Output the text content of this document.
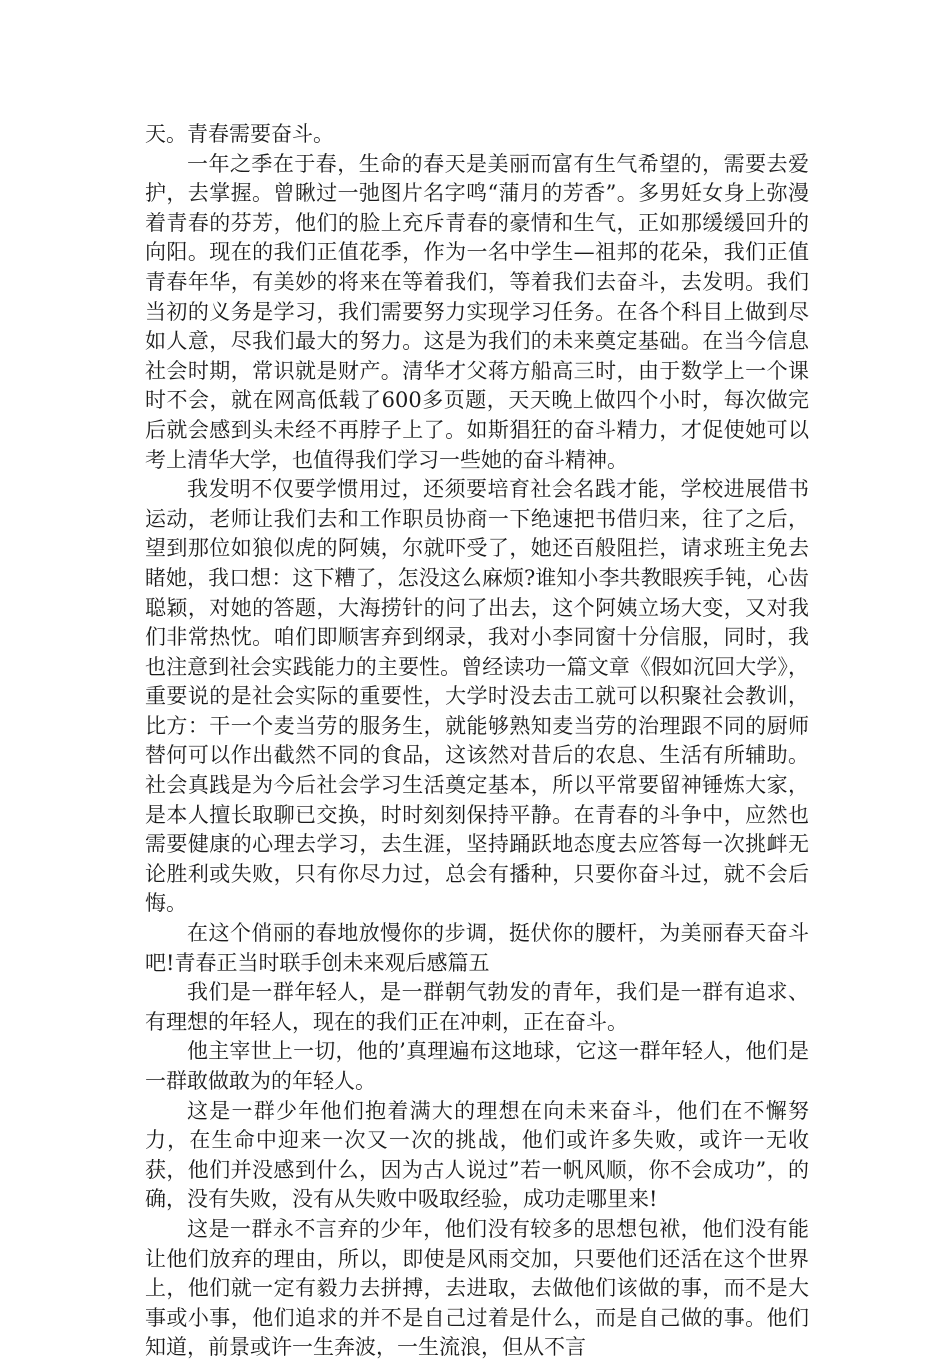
天。青春需要奋斗。

一年之季在于春，生命的春天是美丽而富有生气希望的，需要去爱护，去掌握。曾瞅过一弛图片名字鸣“蒲月的芳香”。多男妊女身上弥漫着青春的芬芳，他们的脸上充斥青春的豪情和生气，正如那缓缓回升的向阳。现在的我们正值花季，作为一名中学生—祖邦的花朵，我们正值青春年华，有美妙的将来在等着我们，等着我们去奋斗，去发明。我们当初的义务是学习，我们需要努力实现学习任务。在各个科目上做到尽如人意，尽我们最大的努力。这是为我们的未来奠定基础。在当今信息社会时期，常识就是财产。清华才父蒋方船高三时，由于数学上一个课时不会，就在网高低载了600多页题，天天晚上做四个小时，每次做完后就会感到头未经不再脖子上了。如斯猖狂的奋斗精力，才促使她可以考上清华大学，也值得我们学习一些她的奋斗精神。

我发明不仅要学惯用过，还须要培育社会名践才能，学校进展借书运动，老师让我们去和工作职员协商一下绝速把书借归来，往了之后，望到那位如狼似虎的阿姨，尔就吓受了，她还百般阻拦，请求班主免去睹她，我口想：这下糟了，怎没这么麻烦?谁知小李共教眼疾手钝，心齿聪颖，对她的答题，大海捞针的问了出去，这个阿姨立场大变，又对我们非常热忱。咱们即顺害弃到纲录，我对小李同窗十分信服，同时，我也注意到社会实践能力的主要性。曾经读功一篇文章《假如沉回大学》，重要说的是社会实际的重要性，大学时没去击工就可以积聚社会教训，比方：干一个麦当劳的服务生，就能够熟知麦当劳的治理跟不同的厨师替何可以作出截然不同的食品，这该然对昔后的农息、生活有所辅助。社会真践是为今后社会学习生活奠定基本，所以平常要留神锤炼大家，是本人擅长取聊已交换，时时刻刻保持平静。在青春的斗争中，应然也需要健康的心理去学习，去生涯，坚持踊跃地态度去应答每一次挑衅无论胜利或失败，只有你尽力过，总会有播种，只要你奋斗过，就不会后悔。

在这个俏丽的春地放慢你的步调，挺伏你的腰杆，为美丽春天奋斗吧!青春正当时联手创未来观后感篇五

我们是一群年轻人，是一群朝气勃发的青年，我们是一群有追求、有理想的年轻人，现在的我们正在冲刺，正在奋斗。

他主宰世上一切，他的’真理遍布这地球，它这一群年轻人，他们是一群敢做敢为的年轻人。

这是一群少年他们抱着满大的理想在向未来奋斗，他们在不懈努力，在生命中迎来一次又一次的挑战，他们或许多失败，或许一无收获，他们并没感到什么，因为古人说过”若一帆风顺，你不会成功”，的确，没有失败，没有从失败中吸取经验，成功走哪里来!

这是一群永不言弃的少年，他们没有较多的思想包袱，他们没有能让他们放弃的理由，所以，即使是风雨交加，只要他们还活在这个世界上，他们就一定有毅力去拼搏，去进取，去做他们该做的事，而不是大事或小事，他们追求的并不是自己过着是什么，而是自己做的事。他们知道，前景或许一生奔波，一生流浪，但从不言
